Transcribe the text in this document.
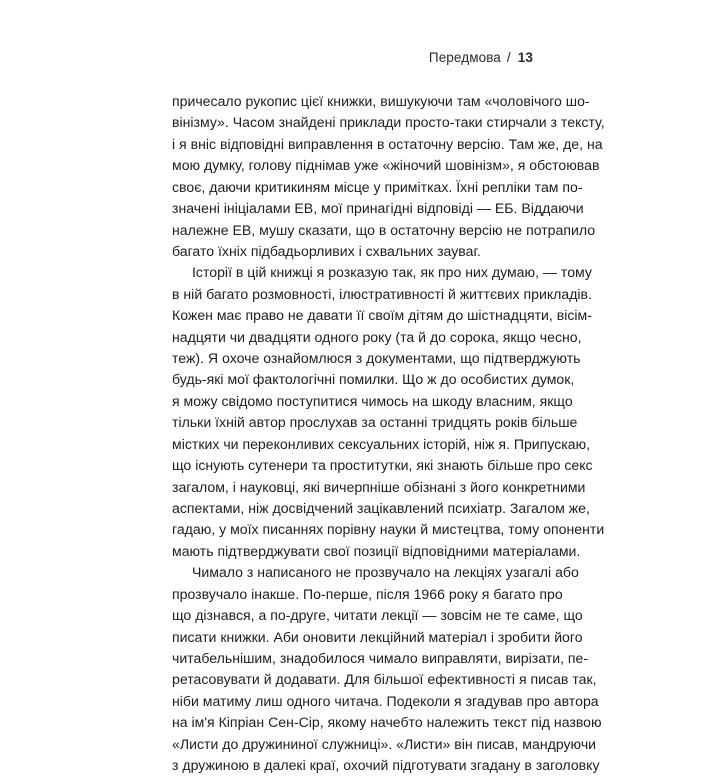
Передмова / 13
причесало рукопис цієї книжки, вишукуючи там «чоловічого шо-
вінізму». Часом знайдені приклади просто-таки стирчали з тексту,
і я вніс відповідні виправлення в остаточну версію. Там же, де, на
мою думку, голову піднімав уже «жіночий шовінізм», я обстоював
своє, даючи критикиням місце у примітках. Їхні репліки там по-
значені ініціалами ЕВ, мої принагідні відповіді — ЕБ. Віддаючи
належне ЕВ, мушу сказати, що в остаточну версію не потрапило
багато їхніх підбадьорливих і схвальних зауваг.
Історії в цій книжці я розказую так, як про них думаю, — тому
в ній багато розмовності, ілюстративності й життєвих прикладів.
Кожен має право не давати її своїм дітям до шістнадцяти, вісім-
надцяти чи двадцяти одного року (та й до сорока, якщо чесно,
теж). Я охоче ознайомлюся з документами, що підтверджують
будь-які мої фактологічні помилки. Що ж до особистих думок,
я можу свідомо поступитися чимось на шкоду власним, якщо
тільки їхній автор прослухав за останні тридцять років більше
містких чи переконливих сексуальних історій, ніж я. Припускаю,
що існують сутенери та проститутки, які знають більше про секс
загалом, і науковці, які вичерпніше обізнані з його конкретними
аспектами, ніж досвідчений зацікавлений психіатр. Загалом же,
гадаю, у моїх писаннях порівну науки й мистецтва, тому опоненти
мають підтверджувати свої позиції відповідними матеріалами.
Чимало з написаного не прозвучало на лекціях узагалі або
прозвучало інакше. По-перше, після 1966 року я багато про
що дізнався, а по-друге, читати лекції — зовсім не те саме, що
писати книжки. Аби оновити лекційний матеріал і зробити його
читабельнішим, знадобилося чимало виправляти, вирізати, пе-
ретасовувати й додавати. Для більшої ефективності я писав так,
ніби матиму лиш одного читача. Подеколи я згадував про автора
на ім'я Кіпріан Сен-Сір, якому начебто належить текст під назвою
«Листи до дружининої служниці». «Листи» він писав, мандруючи
з дружиною в далекі краї, охочий підготувати згадану в заголовку
